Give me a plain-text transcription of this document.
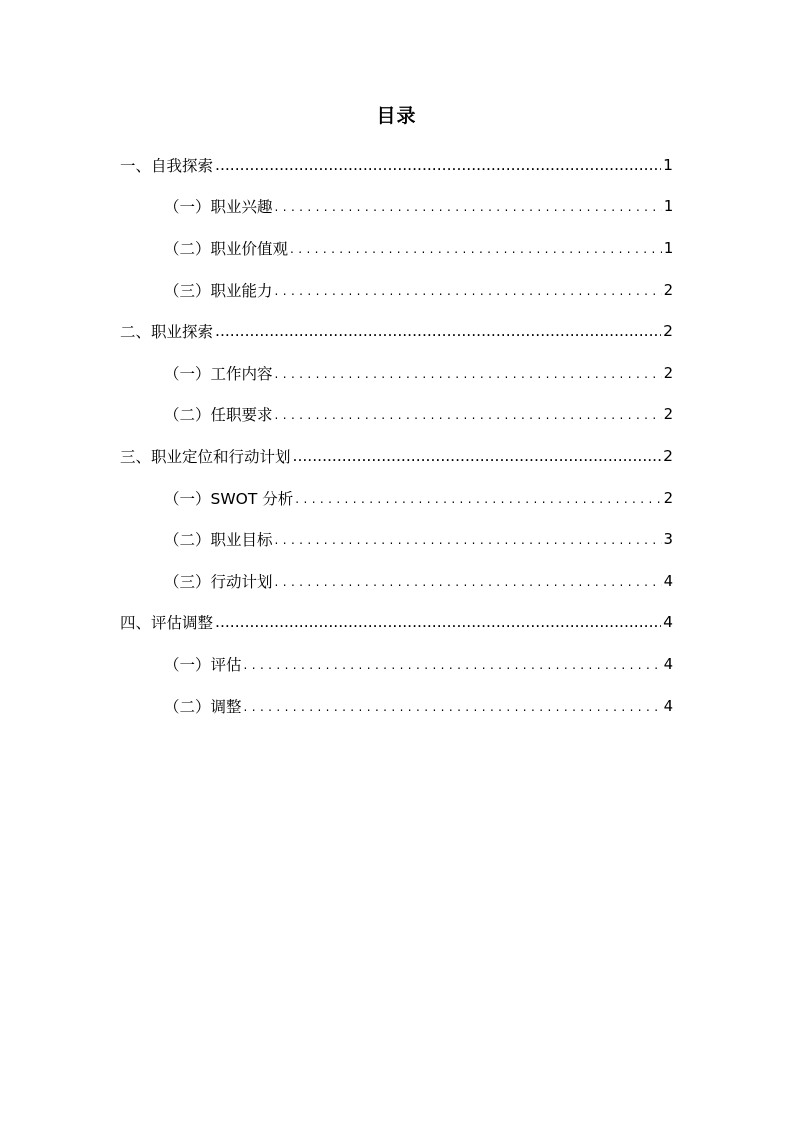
目录
一、自我探索 .....	1
（一）职业兴趣 .....	1
（二）职业价值观 .....	1
（三）职业能力 .....	2
二、职业探索 .....	2
（一）工作内容 .....	2
（二）任职要求 .....	2
三、职业定位和行动计划 .....	2
（一）SWOT 分析 .....	2
（二）职业目标 .....	3
（三）行动计划 .....	4
四、评估调整 .....	4
（一）评估 .....	4
（二）调整 .....	4
